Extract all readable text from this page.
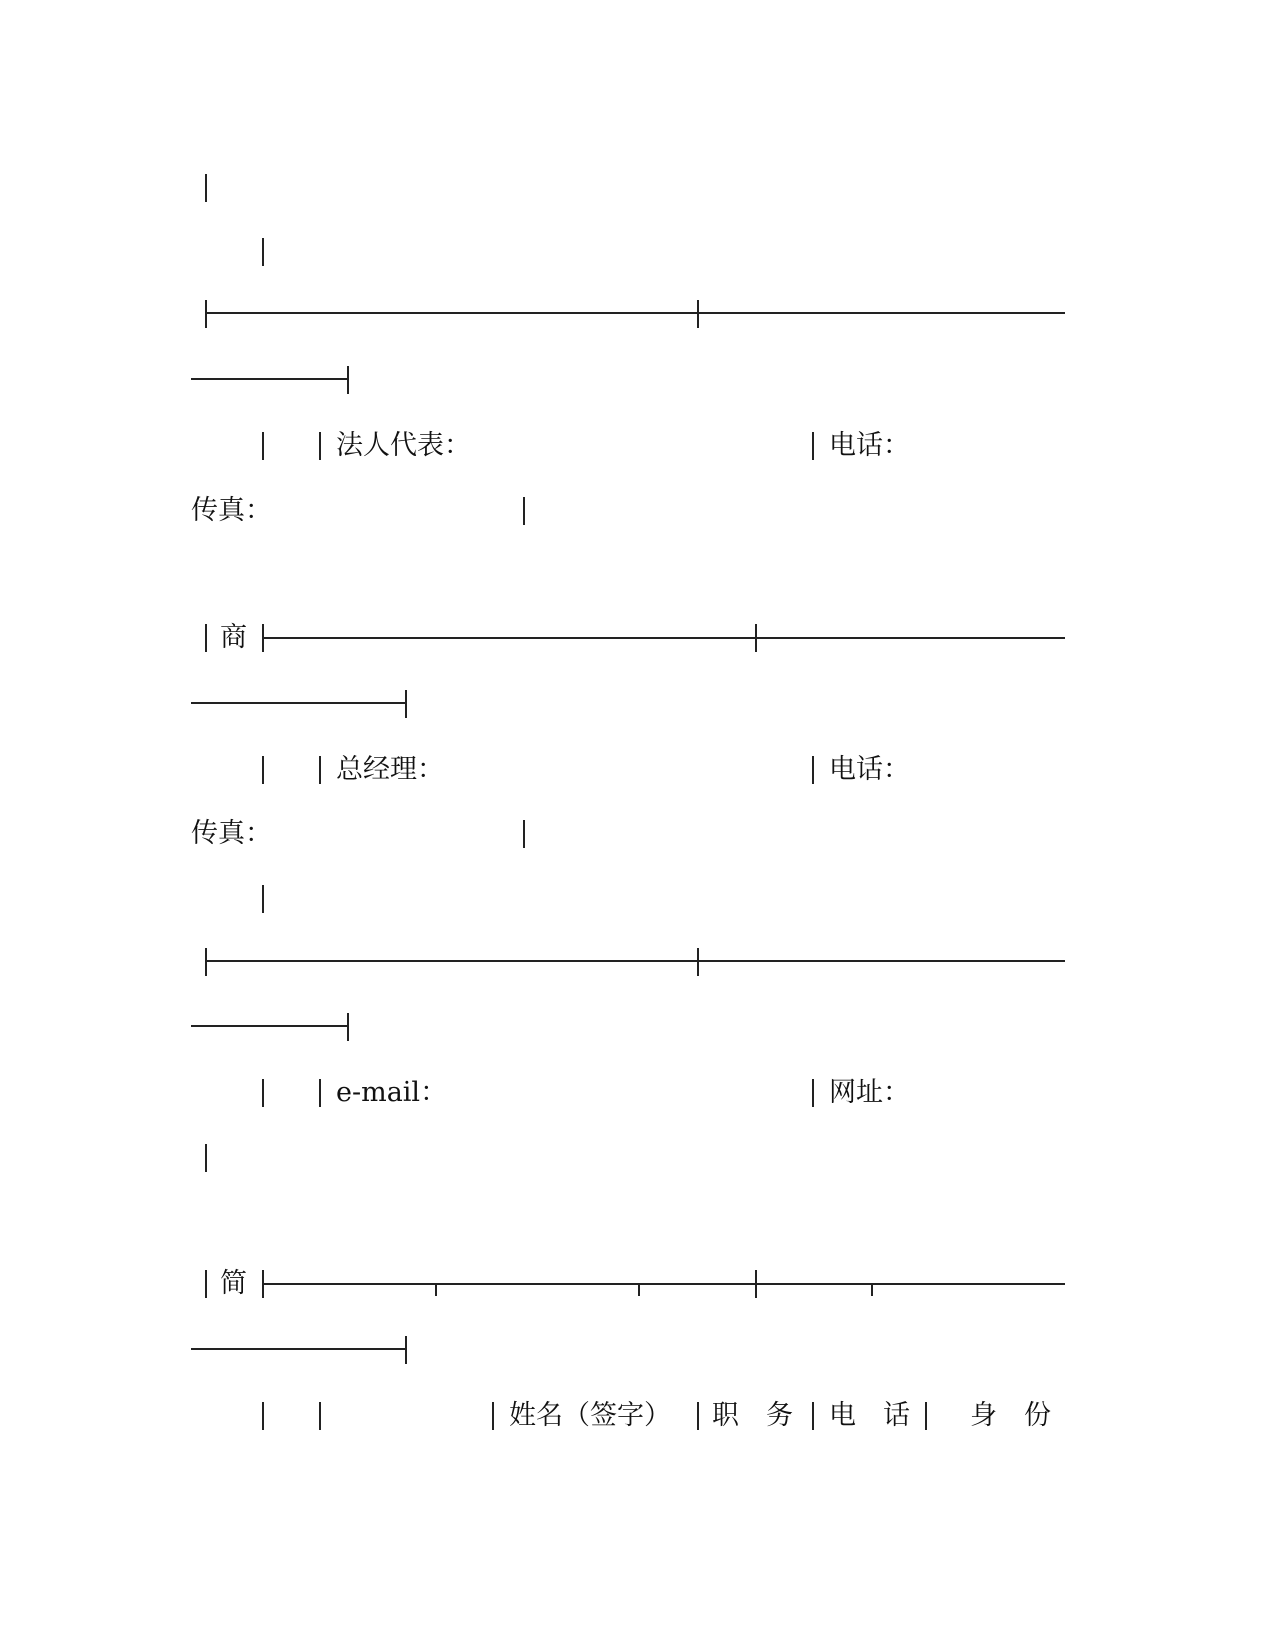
法人代表：	电话：
传真：
商
总经理：	电话：
传真：
e-mail：	网址：
简
姓名（签字） 职　务 电　话 身　份
